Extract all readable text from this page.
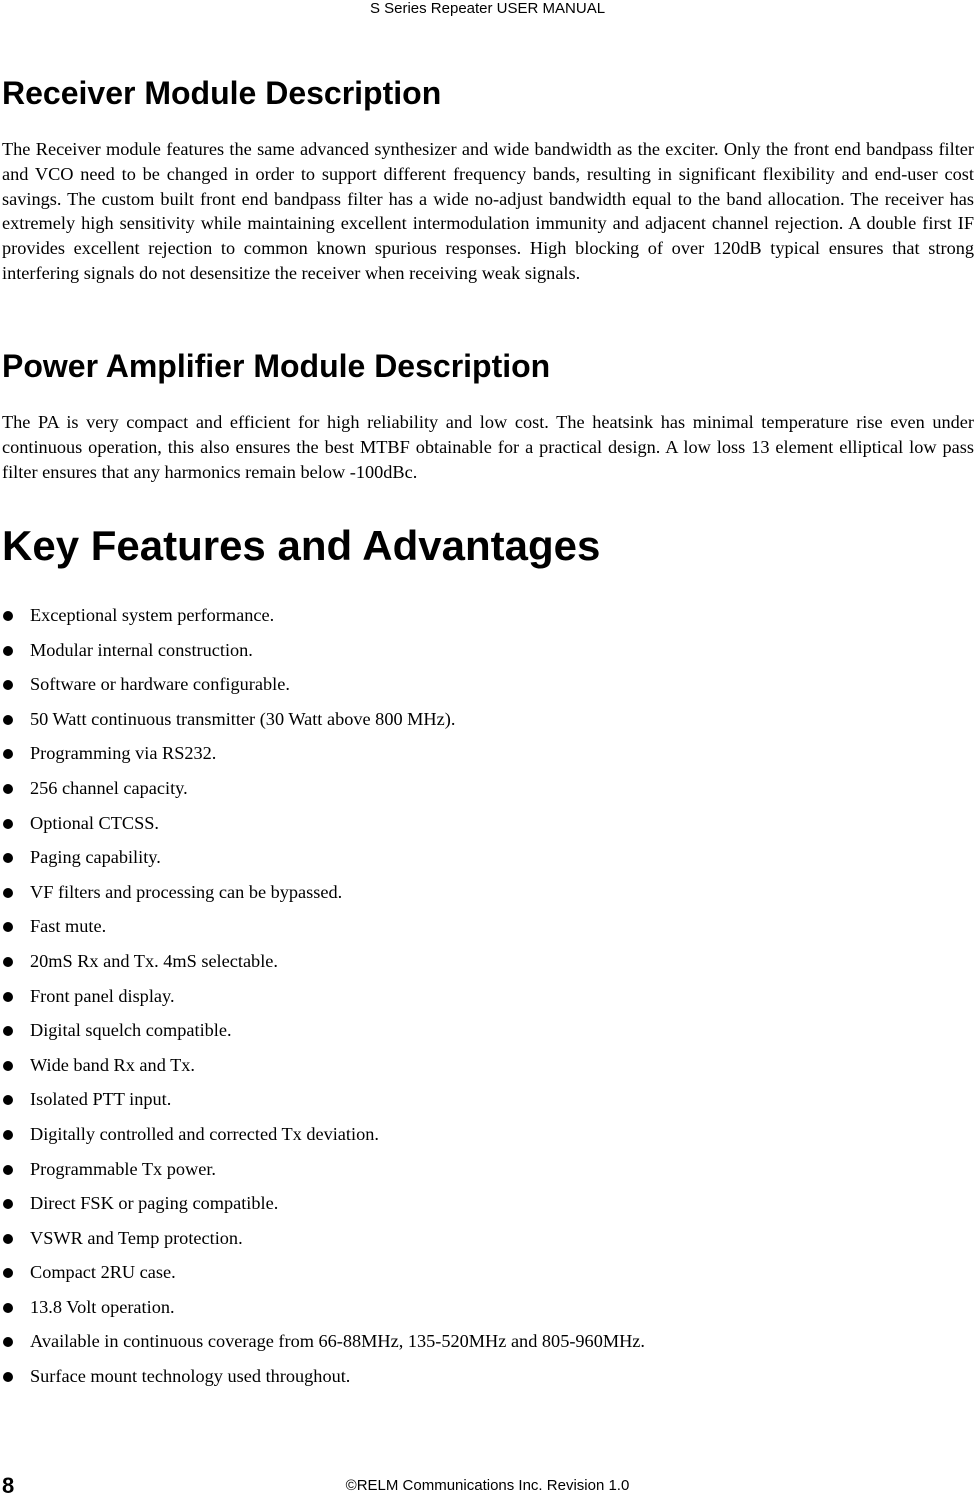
S Series Repeater USER MANUAL
Receiver Module Description

The Receiver module features the same advanced synthesizer and wide bandwidth as the exciter. Only the front end bandpass filter and VCO need to be changed in order to support different frequency bands, resulting in significant flexibility and end-user cost savings. The custom built front end bandpass filter has a wide no-adjust bandwidth equal to the band allocation. The receiver has extremely high sensitivity while maintaining excellent intermodulation immunity and adjacent channel rejection. A double first IF provides excellent rejection to common known spurious responses. High blocking of over 120dB typical ensures that strong interfering signals do not desensitize the receiver when receiving weak signals.

Power Amplifier Module Description

The PA is very compact and efficient for high reliability and low cost. The heatsink has minimal temperature rise even under continuous operation, this also ensures the best MTBF obtainable for a practical design. A low loss 13 element elliptical low pass filter ensures that any harmonics remain below -100dBc.

Key Features and Advantages
Exceptional system performance.
Modular internal construction.
Software or hardware configurable.
50 Watt continuous transmitter (30 Watt above 800 MHz).
Programming via RS232.
256 channel capacity.
Optional CTCSS.
Paging capability.
VF filters and processing can be bypassed.
Fast mute.
20mS Rx and Tx. 4mS selectable.
Front panel display.
Digital squelch compatible.
Wide band Rx and Tx.
Isolated PTT input.
Digitally controlled and corrected Tx deviation.
Programmable Tx power.
Direct FSK or paging compatible.
VSWR and Temp protection.
Compact 2RU case.
13.8 Volt operation.
Available in continuous coverage from 66-88MHz, 135-520MHz and 805-960MHz.
Surface mount technology used throughout.
8	©RELM Communications Inc. Revision 1.0
